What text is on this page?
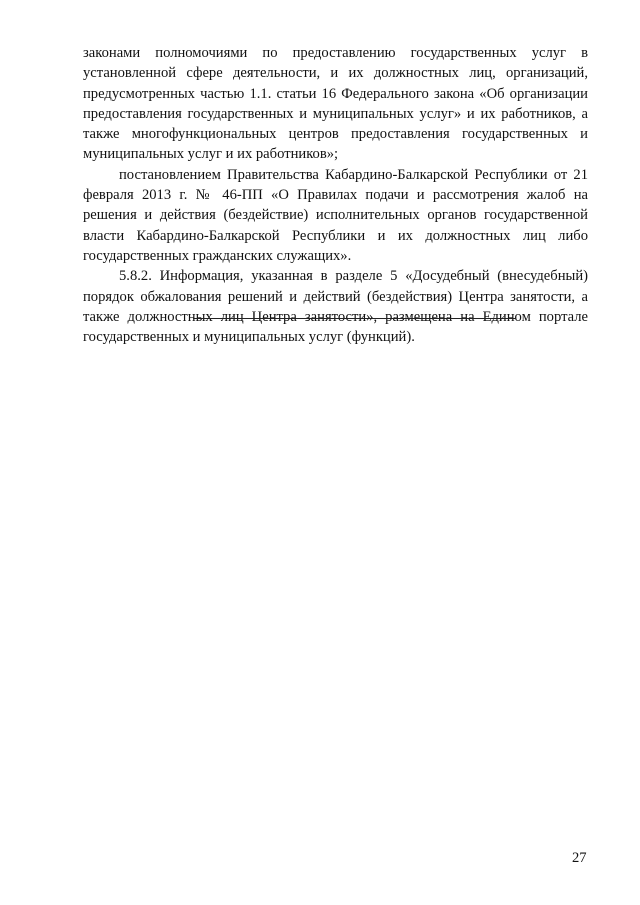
законами полномочиями по предоставлению государственных услуг в установленной сфере деятельности, и их должностных лиц, организаций, предусмотренных частью 1.1. статьи 16 Федерального закона «Об организации предоставления государственных и муниципальных услуг» и их работников, а также многофункциональных центров предоставления государственных и муниципальных услуг и их работников»;

постановлением Правительства Кабардино-Балкарской Республики от 21 февраля 2013 г. № 46-ПП «О Правилах подачи и рассмотрения жалоб на решения и действия (бездействие) исполнительных органов государственной власти Кабардино-Балкарской Республики и их должностных лиц либо государственных гражданских служащих».

5.8.2. Информация, указанная в разделе 5 «Досудебный (внесудебный) порядок обжалования решений и действий (бездействия) Центра занятости, а также должностных лиц Центра занятости», размещена на Едином портале государственных и муниципальных услуг (функций).

27
